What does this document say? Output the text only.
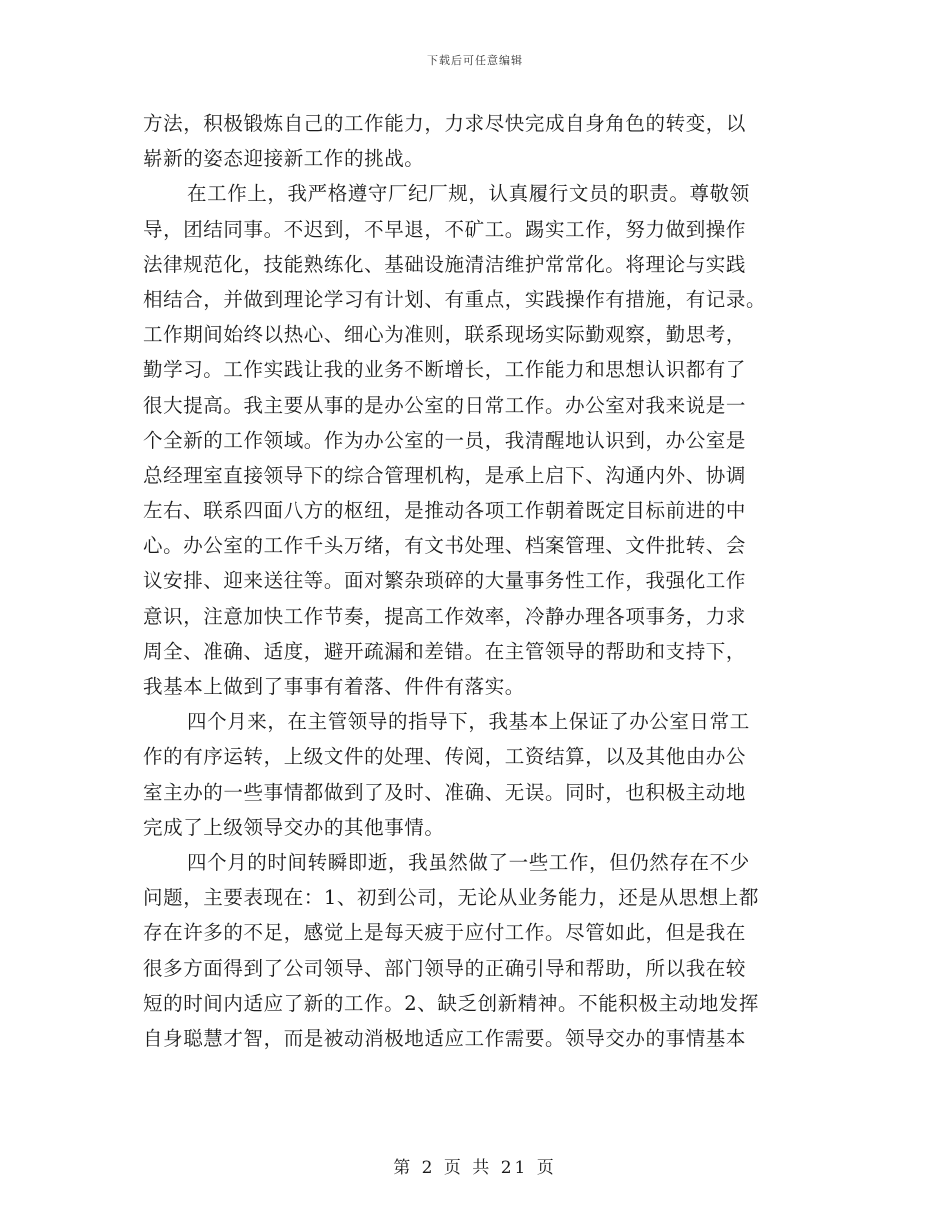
下载后可任意编辑
方法，积极锻炼自己的工作能力，力求尽快完成自身角色的转变，以
崭新的姿态迎接新工作的挑战。
在工作上，我严格遵守厂纪厂规，认真履行文员的职责。尊敬领
导，团结同事。不迟到，不早退，不矿工。踢实工作，努力做到操作
法律规范化，技能熟练化、基础设施清洁维护常常化。将理论与实践
相结合，并做到理论学习有计划、有重点，实践操作有措施，有记录。
工作期间始终以热心、细心为准则，联系现场实际勤观察，勤思考，
勤学习。工作实践让我的业务不断增长，工作能力和思想认识都有了
很大提高。我主要从事的是办公室的日常工作。办公室对我来说是一
个全新的工作领域。作为办公室的一员，我清醒地认识到，办公室是
总经理室直接领导下的综合管理机构，是承上启下、沟通内外、协调
左右、联系四面八方的枢纽，是推动各项工作朝着既定目标前进的中
心。办公室的工作千头万绪，有文书处理、档案管理、文件批转、会
议安排、迎来送往等。面对繁杂琐碎的大量事务性工作，我强化工作
意识，注意加快工作节奏，提高工作效率，冷静办理各项事务，力求
周全、准确、适度，避开疏漏和差错。在主管领导的帮助和支持下，
我基本上做到了事事有着落、件件有落实。
四个月来，在主管领导的指导下，我基本上保证了办公室日常工
作的有序运转，上级文件的处理、传阅，工资结算，以及其他由办公
室主办的一些事情都做到了及时、准确、无误。同时，也积极主动地
完成了上级领导交办的其他事情。
四个月的时间转瞬即逝，我虽然做了一些工作，但仍然存在不少
问题，主要表现在：1、初到公司，无论从业务能力，还是从思想上都
存在许多的不足，感觉上是每天疲于应付工作。尽管如此，但是我在
很多方面得到了公司领导、部门领导的正确引导和帮助，所以我在较
短的时间内适应了新的工作。2、缺乏创新精神。不能积极主动地发挥
自身聪慧才智，而是被动消极地适应工作需要。领导交办的事情基本
第 2 页 共 21 页
